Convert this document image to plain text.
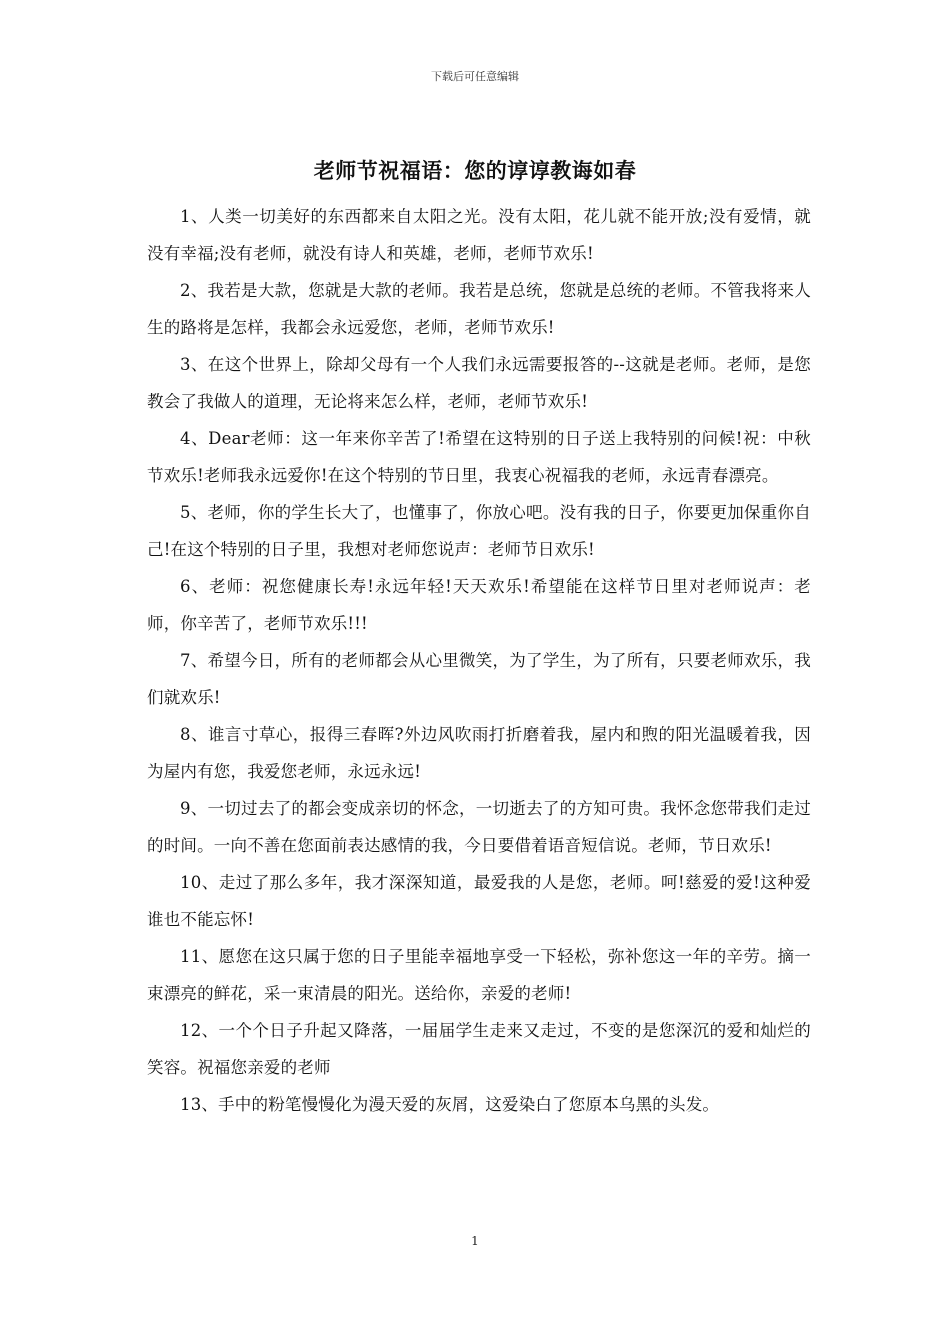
下载后可任意编辑
老师节祝福语：您的谆谆教诲如春

1、人类一切美好的东西都来自太阳之光。没有太阳，花儿就不能开放;没有爱情，就没有幸福;没有老师，就没有诗人和英雄，老师，老师节欢乐!

2、我若是大款，您就是大款的老师。我若是总统，您就是总统的老师。不管我将来人生的路将是怎样，我都会永远爱您，老师，老师节欢乐!

3、在这个世界上，除却父母有一个人我们永远需要报答的--这就是老师。老师，是您教会了我做人的道理，无论将来怎么样，老师，老师节欢乐!

4、Dear老师：这一年来你辛苦了!希望在这特别的日子送上我特别的问候!祝：中秋节欢乐!老师我永远爱你!在这个特别的节日里，我衷心祝福我的老师，永远青春漂亮。

5、老师，你的学生长大了，也懂事了，你放心吧。没有我的日子，你要更加保重你自己!在这个特别的日子里，我想对老师您说声：老师节日欢乐!

6、老师：祝您健康长寿!永远年轻!天天欢乐!希望能在这样节日里对老师说声：老师，你辛苦了，老师节欢乐!!!

7、希望今日，所有的老师都会从心里微笑，为了学生，为了所有，只要老师欢乐，我们就欢乐!

8、谁言寸草心，报得三春晖?外边风吹雨打折磨着我，屋内和煦的阳光温暖着我，因为屋内有您，我爱您老师，永远永远!

9、一切过去了的都会变成亲切的怀念，一切逝去了的方知可贵。我怀念您带我们走过的时间。一向不善在您面前表达感情的我，今日要借着语音短信说。老师，节日欢乐!

10、走过了那么多年，我才深深知道，最爱我的人是您，老师。呵!慈爱的爱!这种爱谁也不能忘怀!

11、愿您在这只属于您的日子里能幸福地享受一下轻松，弥补您这一年的辛劳。摘一束漂亮的鲜花，采一束清晨的阳光。送给你，亲爱的老师!

12、一个个日子升起又降落，一届届学生走来又走过，不变的是您深沉的爱和灿烂的笑容。祝福您亲爱的老师

13、手中的粉笔慢慢化为漫天爱的灰屑，这爱染白了您原本乌黑的头发。

1
